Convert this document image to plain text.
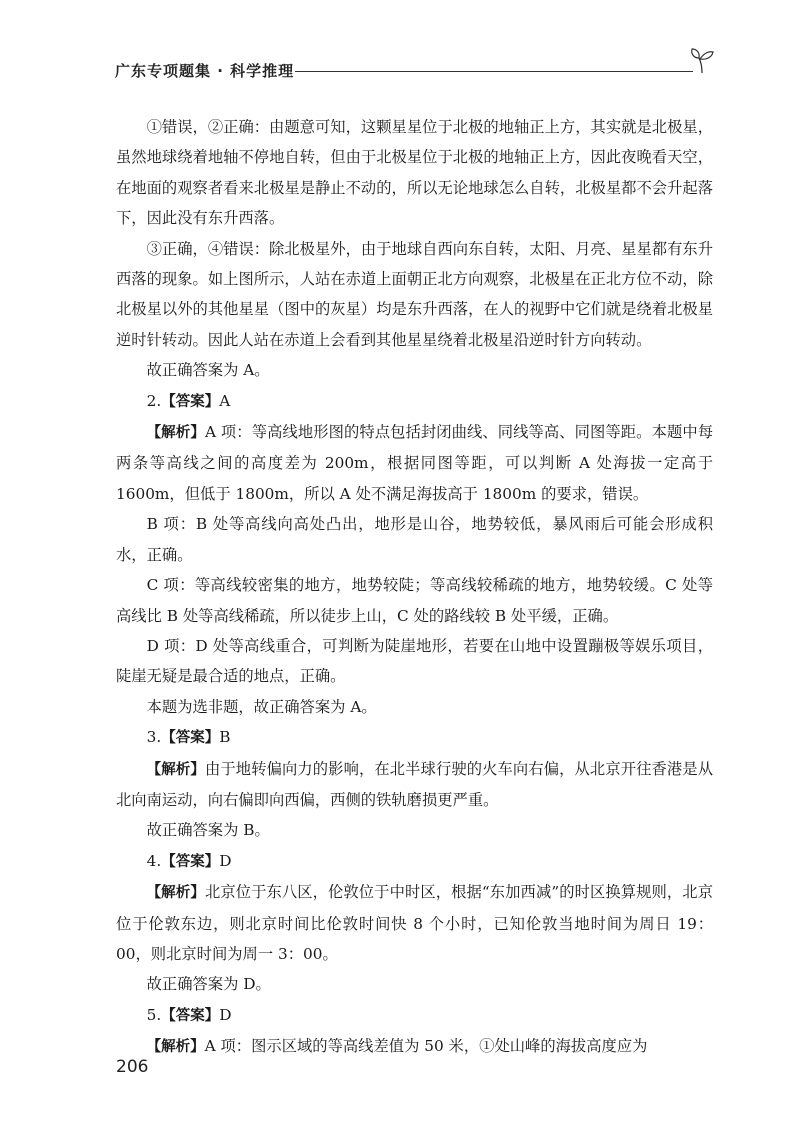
广东专项题集 · 科学推理

①错误，②正确：由题意可知，这颗星星位于北极的地轴正上方，其实就是北极星，虽然地球绕着地轴不停地自转，但由于北极星位于北极的地轴正上方，因此夜晚看天空，在地面的观察者看来北极星是静止不动的，所以无论地球怎么自转，北极星都不会升起落下，因此没有东升西落。

③正确，④错误：除北极星外，由于地球自西向东自转，太阳、月亮、星星都有东升西落的现象。如上图所示，人站在赤道上面朝正北方向观察，北极星在正北方位不动，除北极星以外的其他星星（图中的灰星）均是东升西落，在人的视野中它们就是绕着北极星逆时针转动。因此人站在赤道上会看到其他星星绕着北极星沿逆时针方向转动。

故正确答案为 A。

2.【答案】A

【解析】A 项：等高线地形图的特点包括封闭曲线、同线等高、同图等距。本题中每两条等高线之间的高度差为 200m，根据同图等距，可以判断 A 处海拔一定高于 1600m，但低于 1800m，所以 A 处不满足海拔高于 1800m 的要求，错误。

B 项：B 处等高线向高处凸出，地形是山谷，地势较低，暴风雨后可能会形成积水，正确。

C 项：等高线较密集的地方，地势较陡；等高线较稀疏的地方，地势较缓。C 处等高线比 B 处等高线稀疏，所以徒步上山，C 处的路线较 B 处平缓，正确。

D 项：D 处等高线重合，可判断为陡崖地形，若要在山地中设置蹦极等娱乐项目，陡崖无疑是最合适的地点，正确。

本题为选非题，故正确答案为 A。

3.【答案】B

【解析】由于地转偏向力的影响，在北半球行驶的火车向右偏，从北京开往香港是从北向南运动，向右偏即向西偏，西侧的铁轨磨损更严重。

故正确答案为 B。

4.【答案】D

【解析】北京位于东八区，伦敦位于中时区，根据“东加西减”的时区换算规则，北京位于伦敦东边，则北京时间比伦敦时间快 8 个小时，已知伦敦当地时间为周日 19：00，则北京时间为周一 3：00。

故正确答案为 D。

5.【答案】D

【解析】A 项：图示区域的等高线差值为 50 米，①处山峰的海拔高度应为

206
